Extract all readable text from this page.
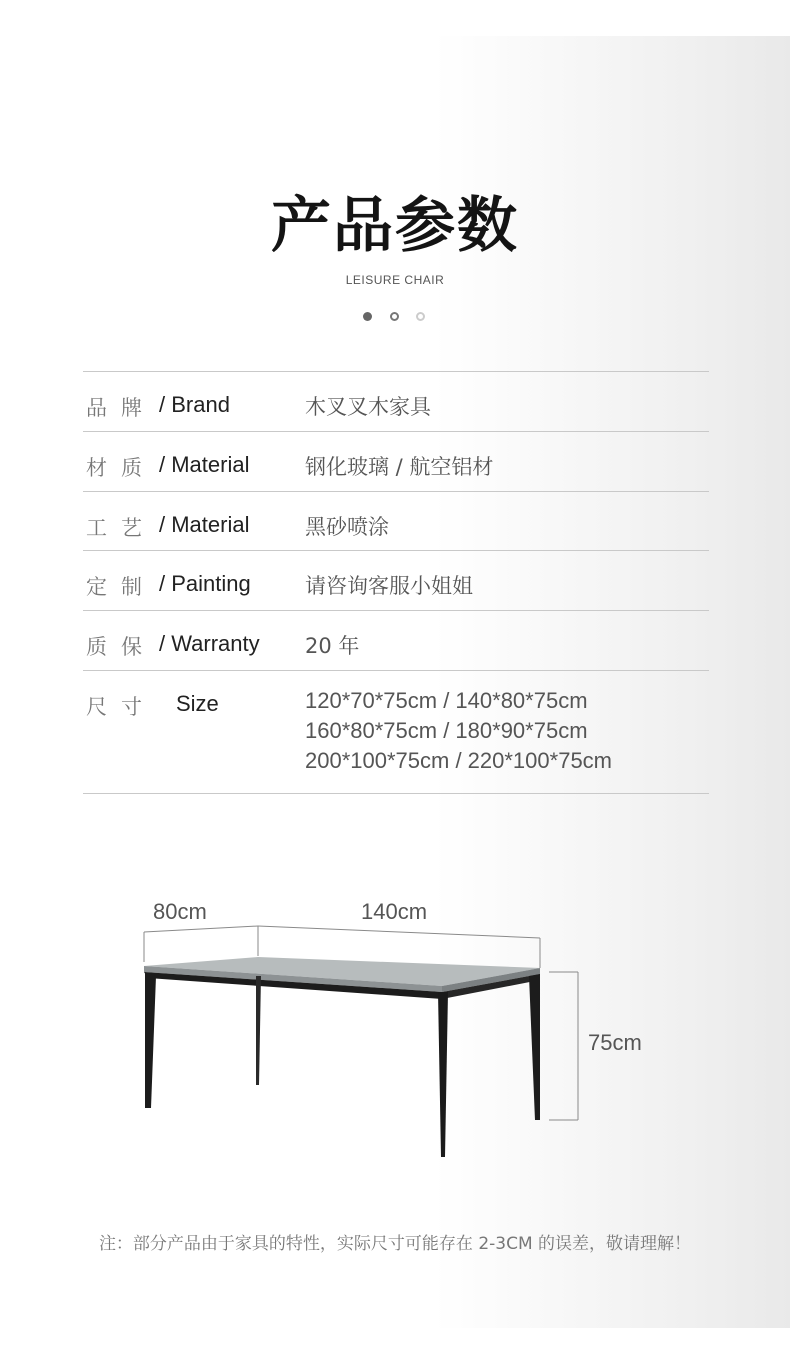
产品参数
LEISURE CHAIR
品牌 / Brand	木叉叉木家具
材质 / Material	钢化玻璃 / 航空铝材
工艺 / Material	黑砂喷涂
定制 / Painting	请咨询客服小姐姐
质保 / Warranty 20 年
尺寸 Size	120*70*75cm / 140*80*75cm
160*80*75cm / 180*90*75cm
200*100*75cm / 220*100*75cm
80cm	140cm
75cm
注：部分产品由于家具的特性，实际尺寸可能存在 2-3CM 的误差，敬请理解！
